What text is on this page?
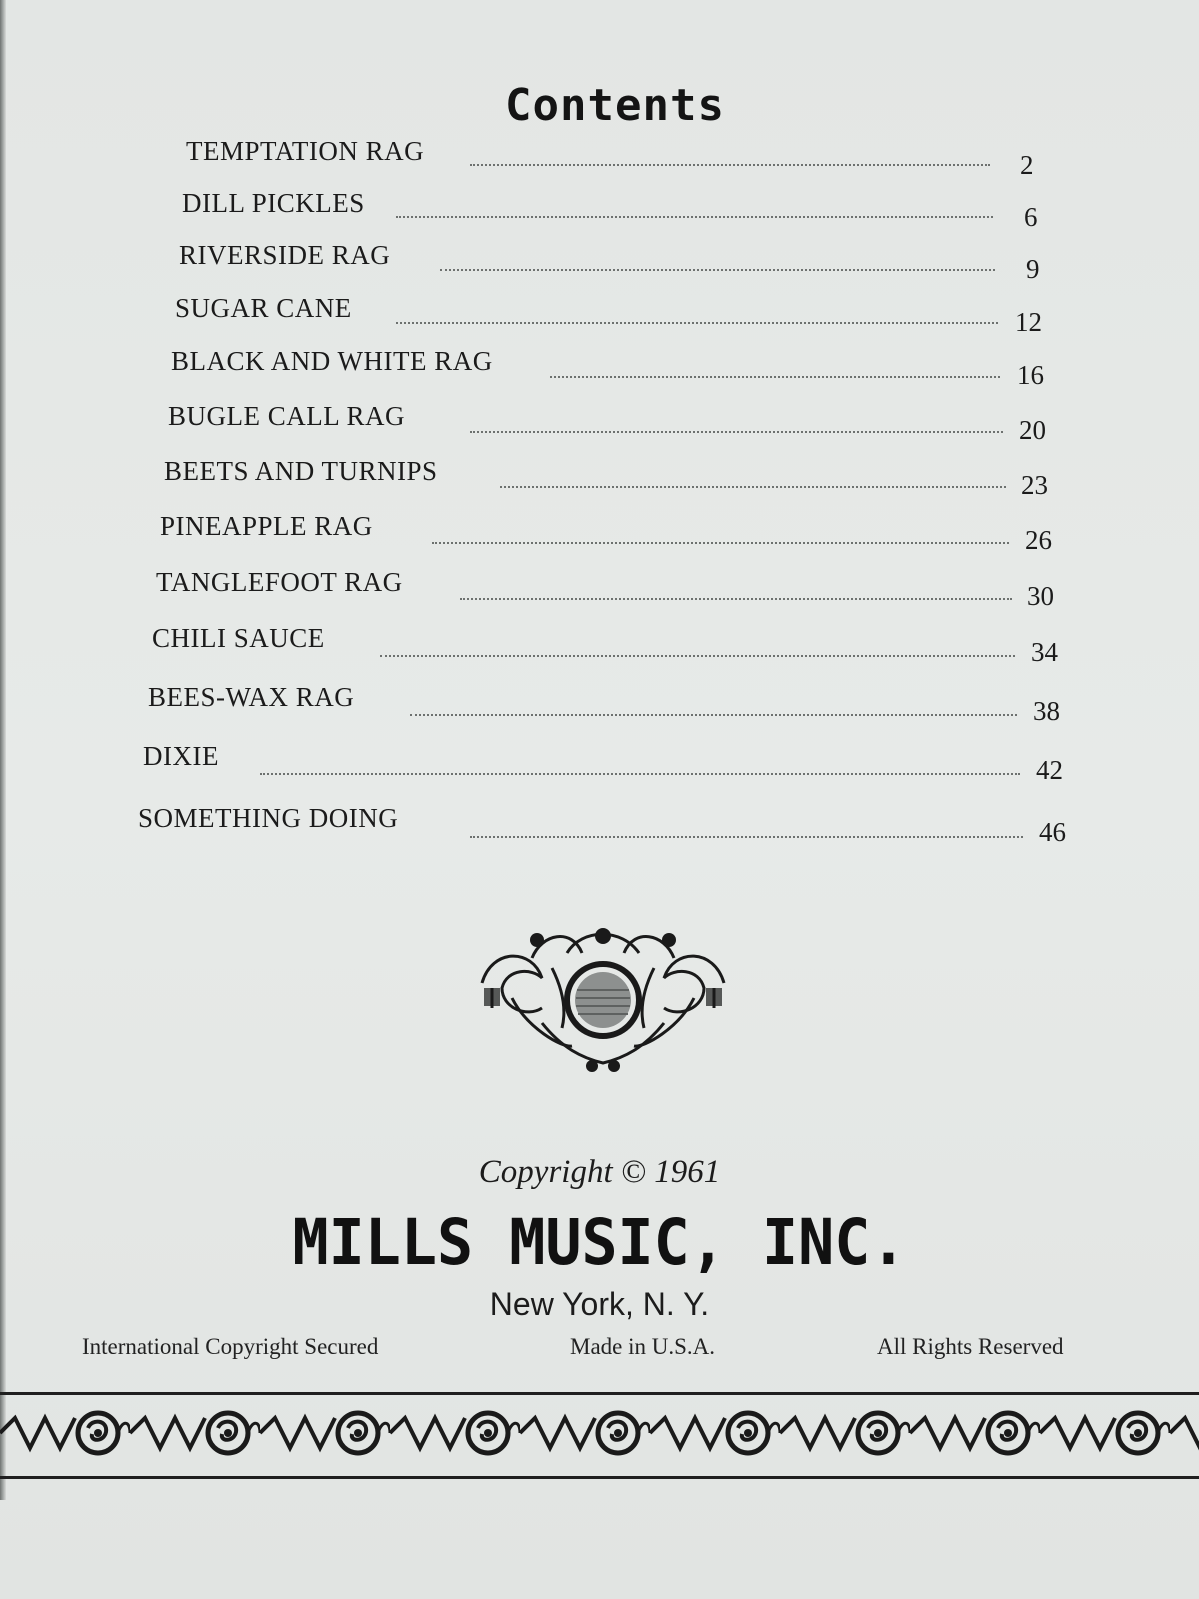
Contents
TEMPTATION RAG	2
DILL PICKLES	6
RIVERSIDE RAG	9
SUGAR CANE	12
BLACK AND WHITE RAG	16
BUGLE CALL RAG	20
BEETS AND TURNIPS	23
PINEAPPLE RAG	26
TANGLEFOOT RAG	30
CHILI SAUCE	34
BEES-WAX RAG	38
DIXIE	42
SOMETHING DOING	46
Copyright © 1961
MILLS MUSIC, INC.
New York, N. Y.
International Copyright Secured	Made in U.S.A.	All Rights Reserved
